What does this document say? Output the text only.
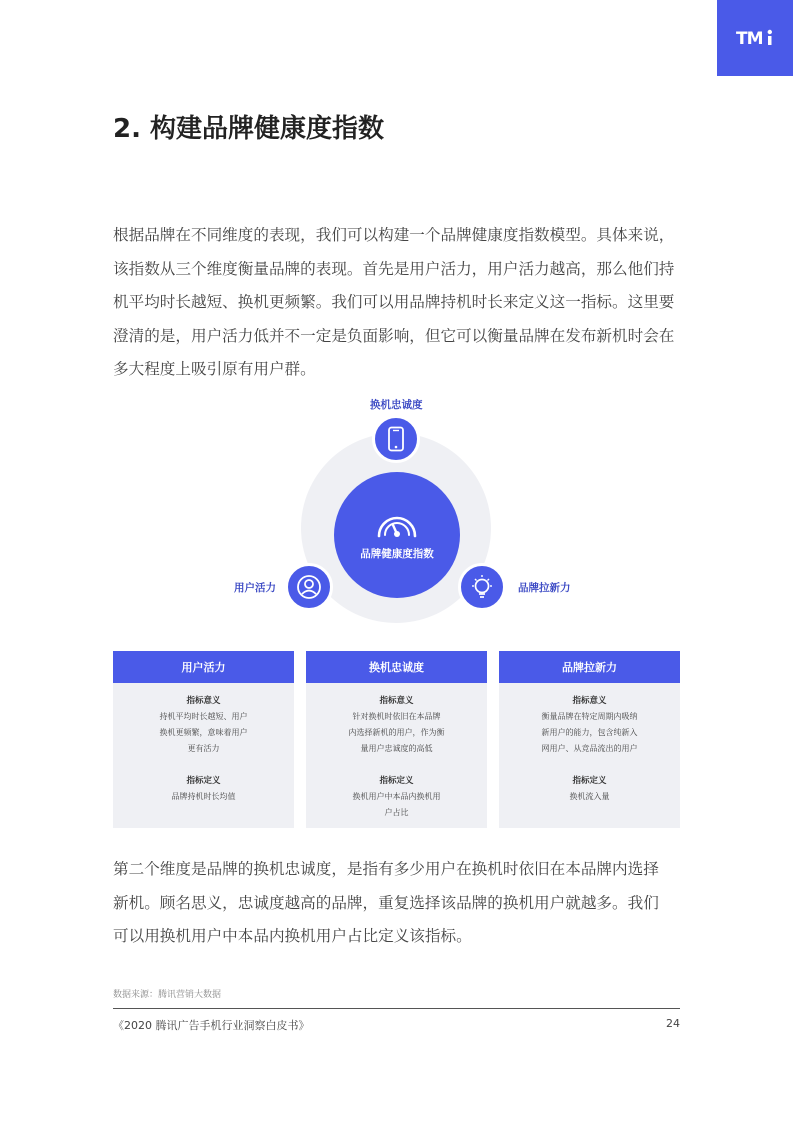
TM
2. 构建品牌健康度指数
根据品牌在不同维度的表现，我们可以构建一个品牌健康度指数模型。具体来说，
该指数从三个维度衡量品牌的表现。首先是用户活力，用户活力越高，那么他们持
机平均时长越短、换机更频繁。我们可以用品牌持机时长来定义这一指标。这里要
澄清的是，用户活力低并不一定是负面影响，但它可以衡量品牌在发布新机时会在
多大程度上吸引原有用户群。
品牌健康度指数
换机忠诚度
用户活力	品牌拉新力
用户活力
指标意义
持机平均时长越短、用户
换机更频繁，意味着用户
更有活力
指标定义
品牌持机时长均值
换机忠诚度
指标意义
针对换机时依旧在本品牌
内选择新机的用户，作为衡
量用户忠诚度的高低
指标定义
换机用户中本品内换机用
户占比
品牌拉新力
指标意义
衡量品牌在特定周期内吸纳
新用户的能力，包含纯新入
网用户、从竞品流出的用户
指标定义
换机流入量
第二个维度是品牌的换机忠诚度，是指有多少用户在换机时依旧在本品牌内选择
新机。顾名思义，忠诚度越高的品牌，重复选择该品牌的换机用户就越多。我们
可以用换机用户中本品内换机用户占比定义该指标。
数据来源：腾讯营销大数据
《2020 腾讯广告手机行业洞察白皮书》	24
